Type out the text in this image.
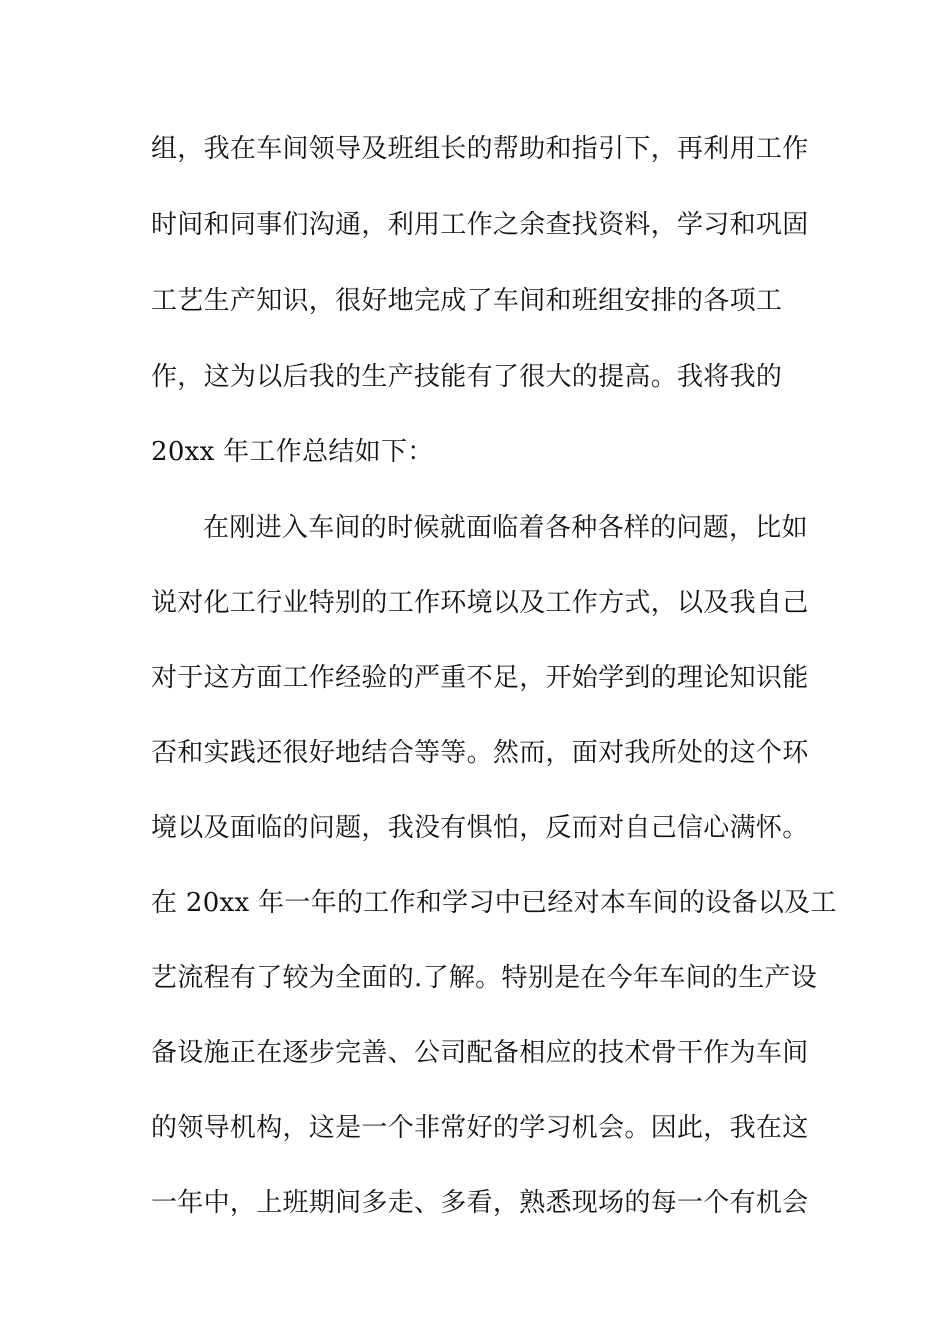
组，我在车间领导及班组长的帮助和指引下，再利用工作
时间和同事们沟通，利用工作之余查找资料，学习和巩固
工艺生产知识，很好地完成了车间和班组安排的各项工
作，这为以后我的生产技能有了很大的提高。我将我的
20xx 年工作总结如下：
在刚进入车间的时候就面临着各种各样的问题，比如
说对化工行业特别的工作环境以及工作方式，以及我自己
对于这方面工作经验的严重不足，开始学到的理论知识能
否和实践还很好地结合等等。然而，面对我所处的这个环
境以及面临的问题，我没有惧怕，反而对自己信心满怀。
在 20xx 年一年的工作和学习中已经对本车间的设备以及工
艺流程有了较为全面的.了解。特别是在今年车间的生产设
备设施正在逐步完善、公司配备相应的技术骨干作为车间
的领导机构，这是一个非常好的学习机会。因此，我在这
一年中，上班期间多走、多看，熟悉现场的每一个有机会
